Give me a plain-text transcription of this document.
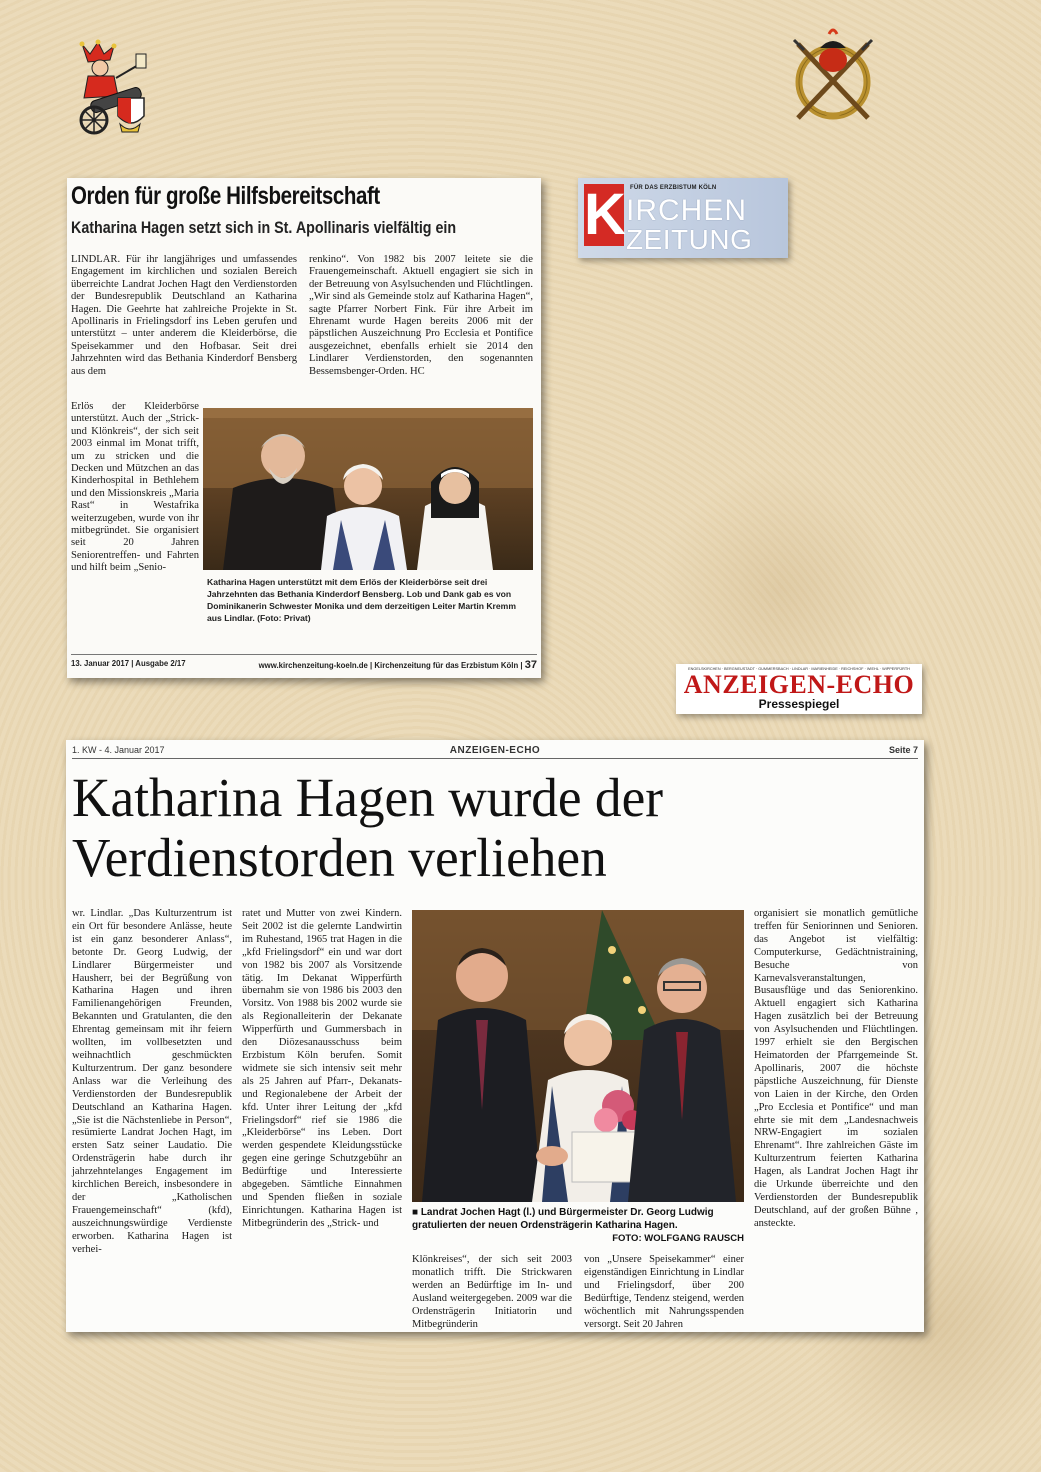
Orden für große Hilfsbereitschaft
Katharina Hagen setzt sich in St. Apollinaris vielfältig ein
LINDLAR. Für ihr langjähriges und umfassendes Engagement im kirchlichen und sozialen Bereich überreichte Landrat Jochen Hagt den Verdienstorden der Bundesrepublik Deutschland an Katharina Hagen. Die Geehrte hat zahlreiche Projekte in St. Apollinaris in Frielingsdorf ins Leben gerufen und unterstützt – unter anderem die Kleiderbörse, die Speisekammer und den Hofbasar. Seit drei Jahrzehnten wird das Bethania Kinderdorf Bensberg aus dem
Erlös der Kleiderbörse unterstützt. Auch der „Strick- und Klönkreis“, der sich seit 2003 einmal im Monat trifft, um zu stricken und die Decken und Mützchen an das Kinderhospital in Bethlehem und den Missionskreis „Maria Rast“ in Westafrika weiterzugeben, wurde von ihr mitbegründet. Sie organisiert seit 20 Jahren Seniorentreffen- und Fahrten und hilft beim „Senio-
renkino“. Von 1982 bis 2007 leitete sie die Frauengemeinschaft. Aktuell engagiert sie sich in der Betreuung von Asylsuchenden und Flüchtlingen. „Wir sind als Gemeinde stolz auf Katharina Hagen“, sagte Pfarrer Norbert Fink. Für ihre Arbeit im Ehrenamt wurde Hagen bereits 2006 mit der päpstlichen Auszeichnung Pro Ecclesia et Pontifice ausgezeichnet, ebenfalls erhielt sie 2014 den Lindlarer Verdienstorden, den sogenannten Bessemsbenger-Orden. HC
Katharina Hagen unterstützt mit dem Erlös der Kleiderbörse seit drei Jahrzehnten das Bethania Kinderdorf Bensberg. Lob und Dank gab es von Dominikanerin Schwester Monika und dem derzeitigen Leiter Martin Kremm aus Lindlar. (Foto: Privat)
13. Januar 2017 | Ausgabe 2/17	www.kirchenzeitung-koeln.de | Kirchenzeitung für das Erzbistum Köln | 37
K FÜR DAS ERZBISTUM KÖLN
IRCHEN
ZEITUNG
ENGELSKIRCHEN · BERGNEUSTADT · GUMMERSBACH · LINDLAR · MARIENHEIDE · REICHSHOF · WIEHL · WIPPERFÜRTH
ANZEIGEN-ECHO
Pressespiegel
1. KW - 4. Januar 2017	ANZEIGEN-ECHO	Seite 7
Katharina Hagen wurde der
Verdienstorden verliehen
wr. Lindlar. „Das Kulturzentrum ist ein Ort für besondere Anlässe, heute ist ein ganz besonderer Anlass“, betonte Dr. Georg Ludwig, der Lindlarer Bürgermeister und Hausherr, bei der Begrüßung von Katharina Hagen und ihren Familienangehörigen Freunden, Bekannten und Gratulanten, die den Ehrentag gemeinsam mit ihr feiern wollten, im vollbesetzten und weihnachtlich geschmückten Kulturzentrum. Der ganz besondere Anlass war die Verleihung des Verdienstorden der Bundesrepublik Deutschland an Katharina Hagen. „Sie ist die Nächstenliebe in Person“, resümierte Landrat Jochen Hagt, im ersten Satz seiner Laudatio. Die Ordensträgerin habe durch ihr jahrzehntelanges Engagement im kirchlichen Bereich, insbesondere in der „Katholischen Frauengemeinschaft“ (kfd), auszeichnungswürdige Verdienste erworben. Katharina Hagen ist verhei-
ratet und Mutter von zwei Kindern. Seit 2002 ist die gelernte Landwirtin im Ruhestand, 1965 trat Hagen in die „kfd Frielingsdorf“ ein und war dort von 1982 bis 2007 als Vorsitzende tätig. Im Dekanat Wipperfürth übernahm sie von 1986 bis 2003 den Vorsitz. Von 1988 bis 2002 wurde sie als Regionalleiterin der Dekanate Wipperfürth und Gummersbach in den Diözesanausschuss beim Erzbistum Köln berufen. Somit widmete sie sich intensiv seit mehr als 25 Jahren auf Pfarr-, Dekanats- und Regionalebene der Arbeit der kfd. Unter ihrer Leitung der „kfd Frielingsdorf“ rief sie 1986 die „Kleiderbörse“ ins Leben. Dort werden gespendete Kleidungsstücke gegen eine geringe Schutzgebühr an Bedürftige und Interessierte abgegeben. Sämtliche Einnahmen und Spenden fließen in soziale Einrichtungen. Katharina Hagen ist Mitbegründerin des „Strick- und
■ Landrat Jochen Hagt (l.) und Bürgermeister Dr. Georg Ludwig gratulierten der neuen Ordensträgerin Katharina Hagen.
FOTO: WOLFGANG RAUSCH
Klönkreises“, der sich seit 2003 monatlich trifft. Die Strickwaren werden an Bedürftige im In- und Ausland weitergegeben. 2009 war die Ordensträgerin Initiatorin und Mitbegründerin
von „Unsere Speisekammer“ einer eigenständigen Einrichtung in Lindlar und Frielingsdorf, über 200 Bedürftige, Tendenz steigend, werden wöchentlich mit Nahrungsspenden versorgt. Seit 20 Jahren
organisiert sie monatlich gemütliche treffen für Seniorinnen und Senioren. das Angebot ist vielfältig: Computerkurse, Gedächtnistraining, Besuche von Karnevalsveranstaltungen, Busausflüge und das Seniorenkino. Aktuell engagiert sich Katharina Hagen zusätzlich bei der Betreuung von Asylsuchenden und Flüchtlingen. 1997 erhielt sie den Bergischen Heimatorden der Pfarrgemeinde St. Apollinaris, 2007 die höchste päpstliche Auszeichnung, für Dienste von Laien in der Kirche, den Orden „Pro Ecclesia et Pontifice“ und man ehrte sie mit dem „Landesnachweis NRW-Engagiert im sozialen Ehrenamt“. Ihre zahlreichen Gäste im Kulturzentrum feierten Katharina Hagen, als Landrat Jochen Hagt ihr die Urkunde überreichte und den Verdienstorden der Bundesrepublik Deutschland, auf der großen Bühne , ansteckte.
